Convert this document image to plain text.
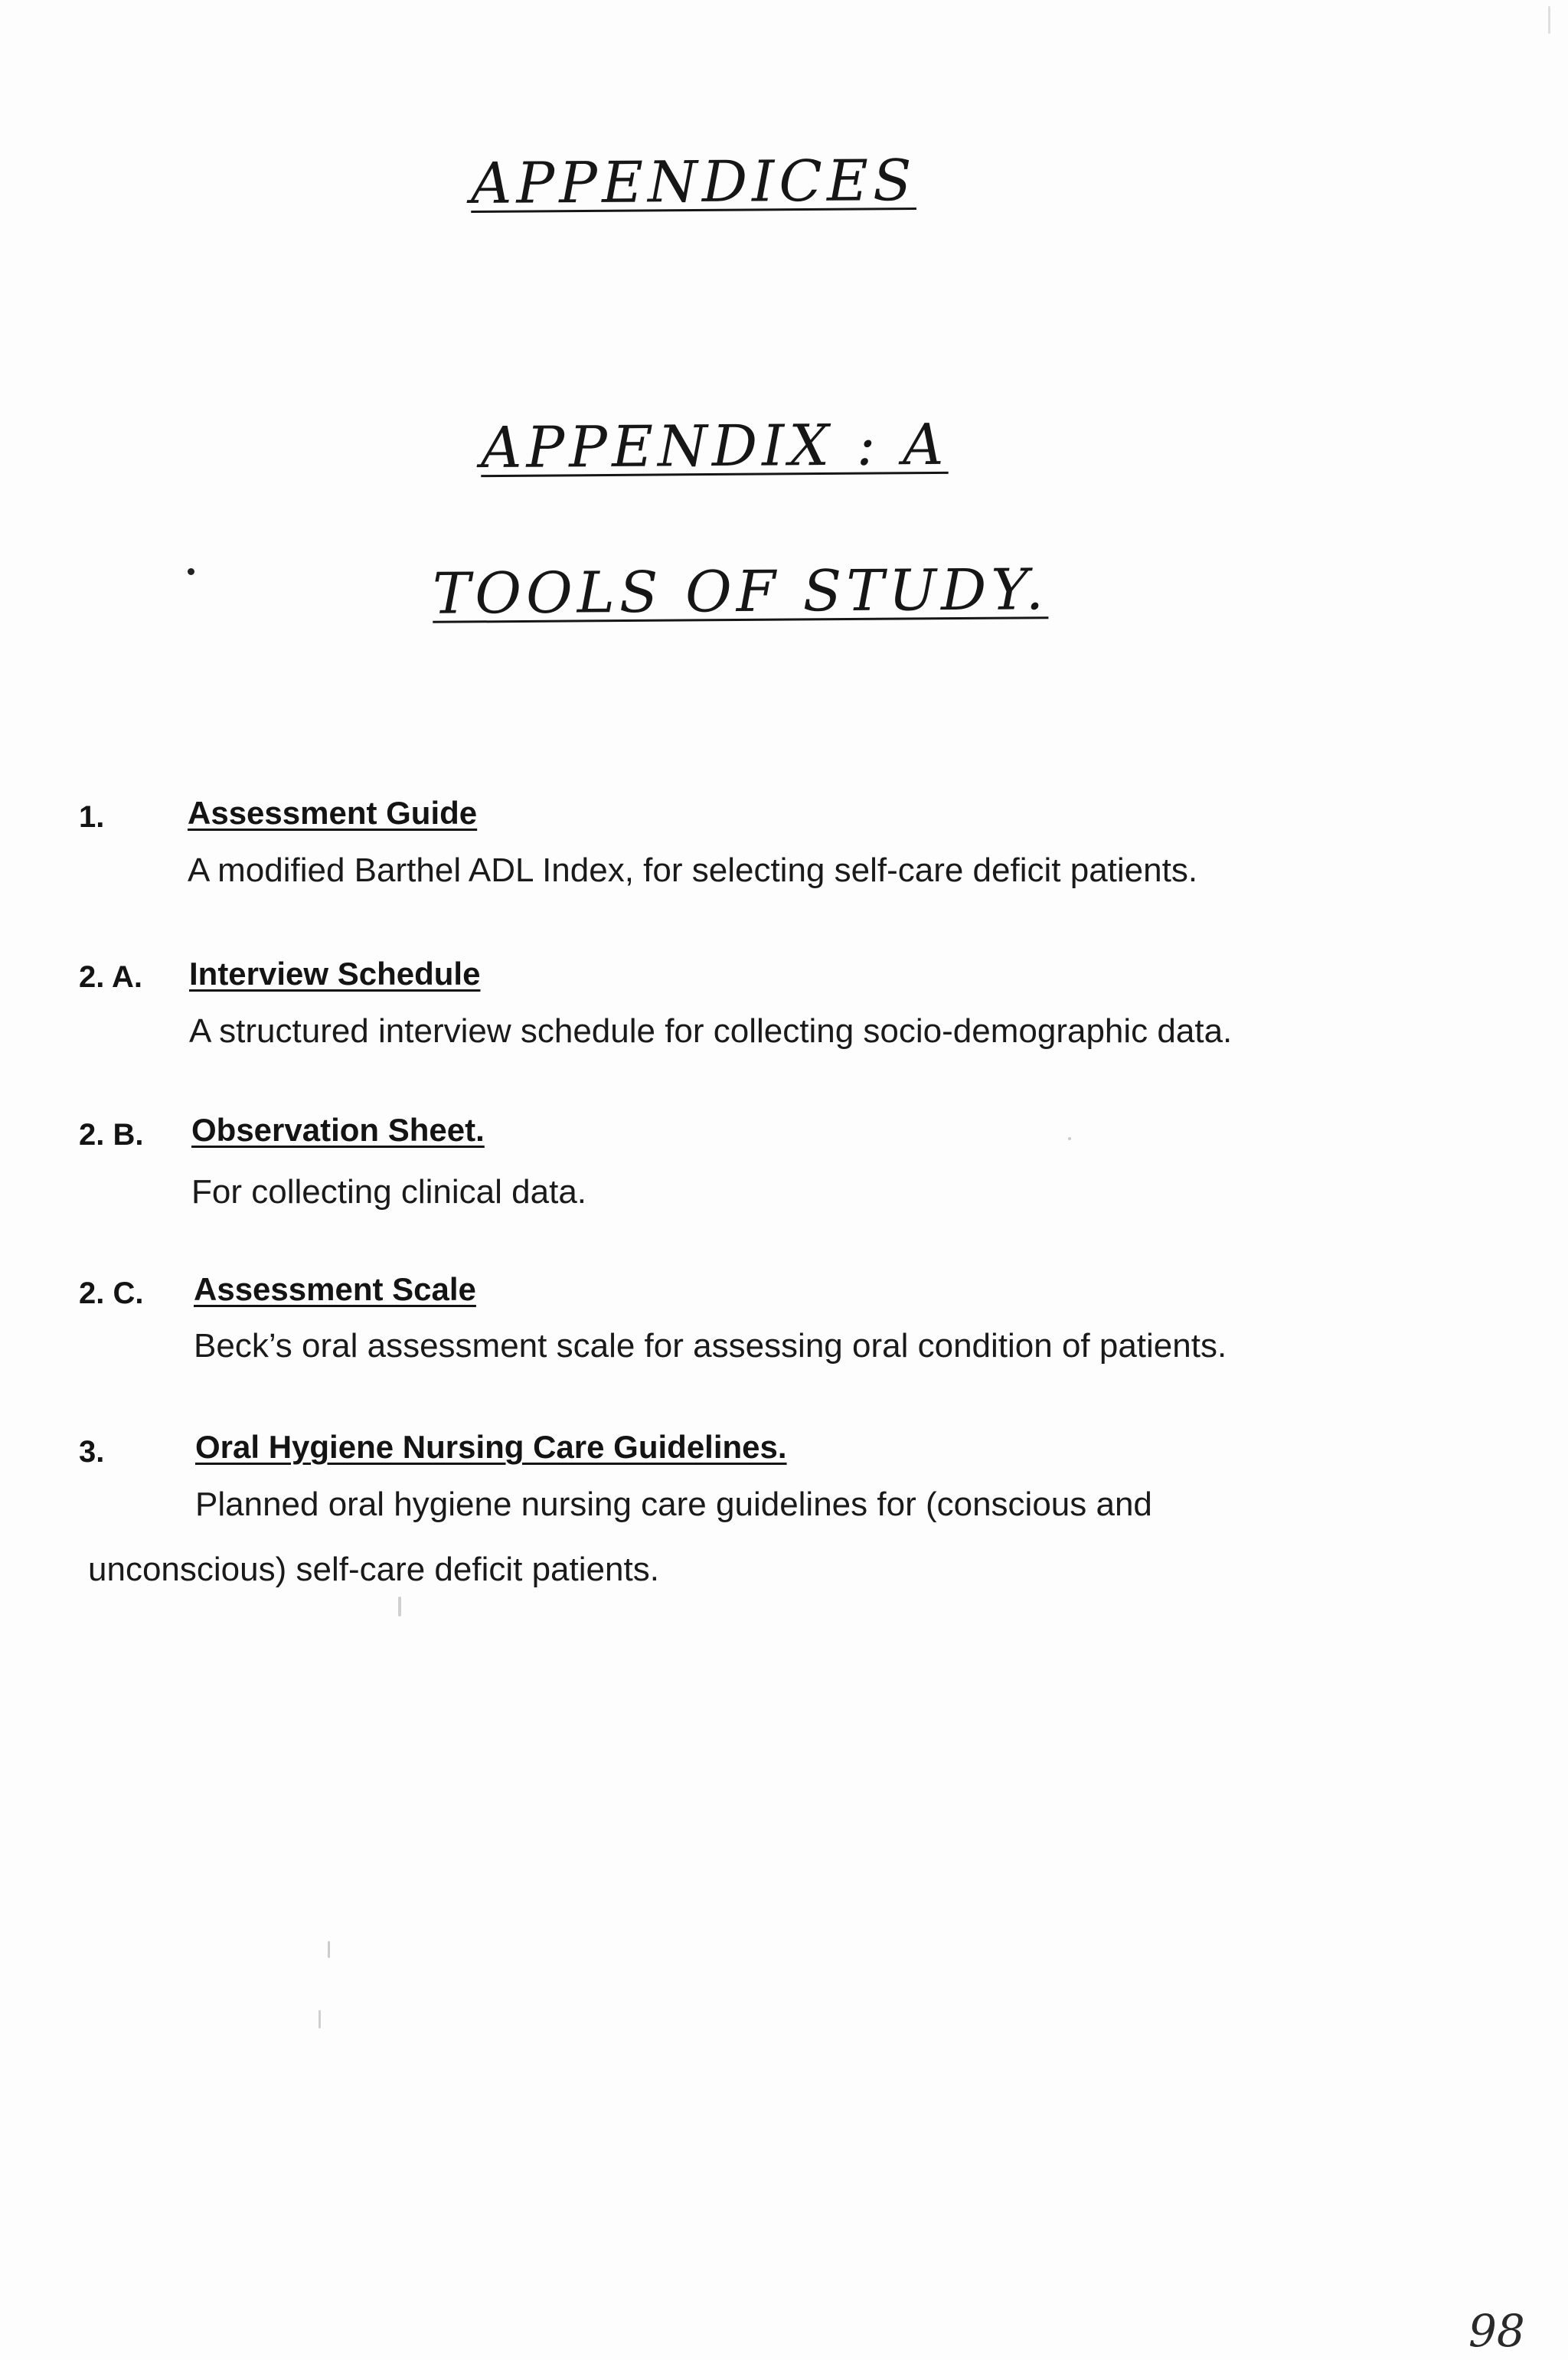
APPENDICES
APPENDIX : A
TOOLS OF STUDY.
1.	Assessment Guide
A modified Barthel ADL Index, for selecting self-care deficit patients.
2. A. Interview Schedule
A structured interview schedule for collecting socio-demographic data.
2. B. Observation Sheet.
For collecting clinical data.
2. C. Assessment Scale
Beck’s oral assessment scale for assessing oral condition of patients.
3.	Oral Hygiene Nursing Care Guidelines.
Planned oral hygiene nursing care guidelines for (conscious and
unconscious) self-care deficit patients.
98
